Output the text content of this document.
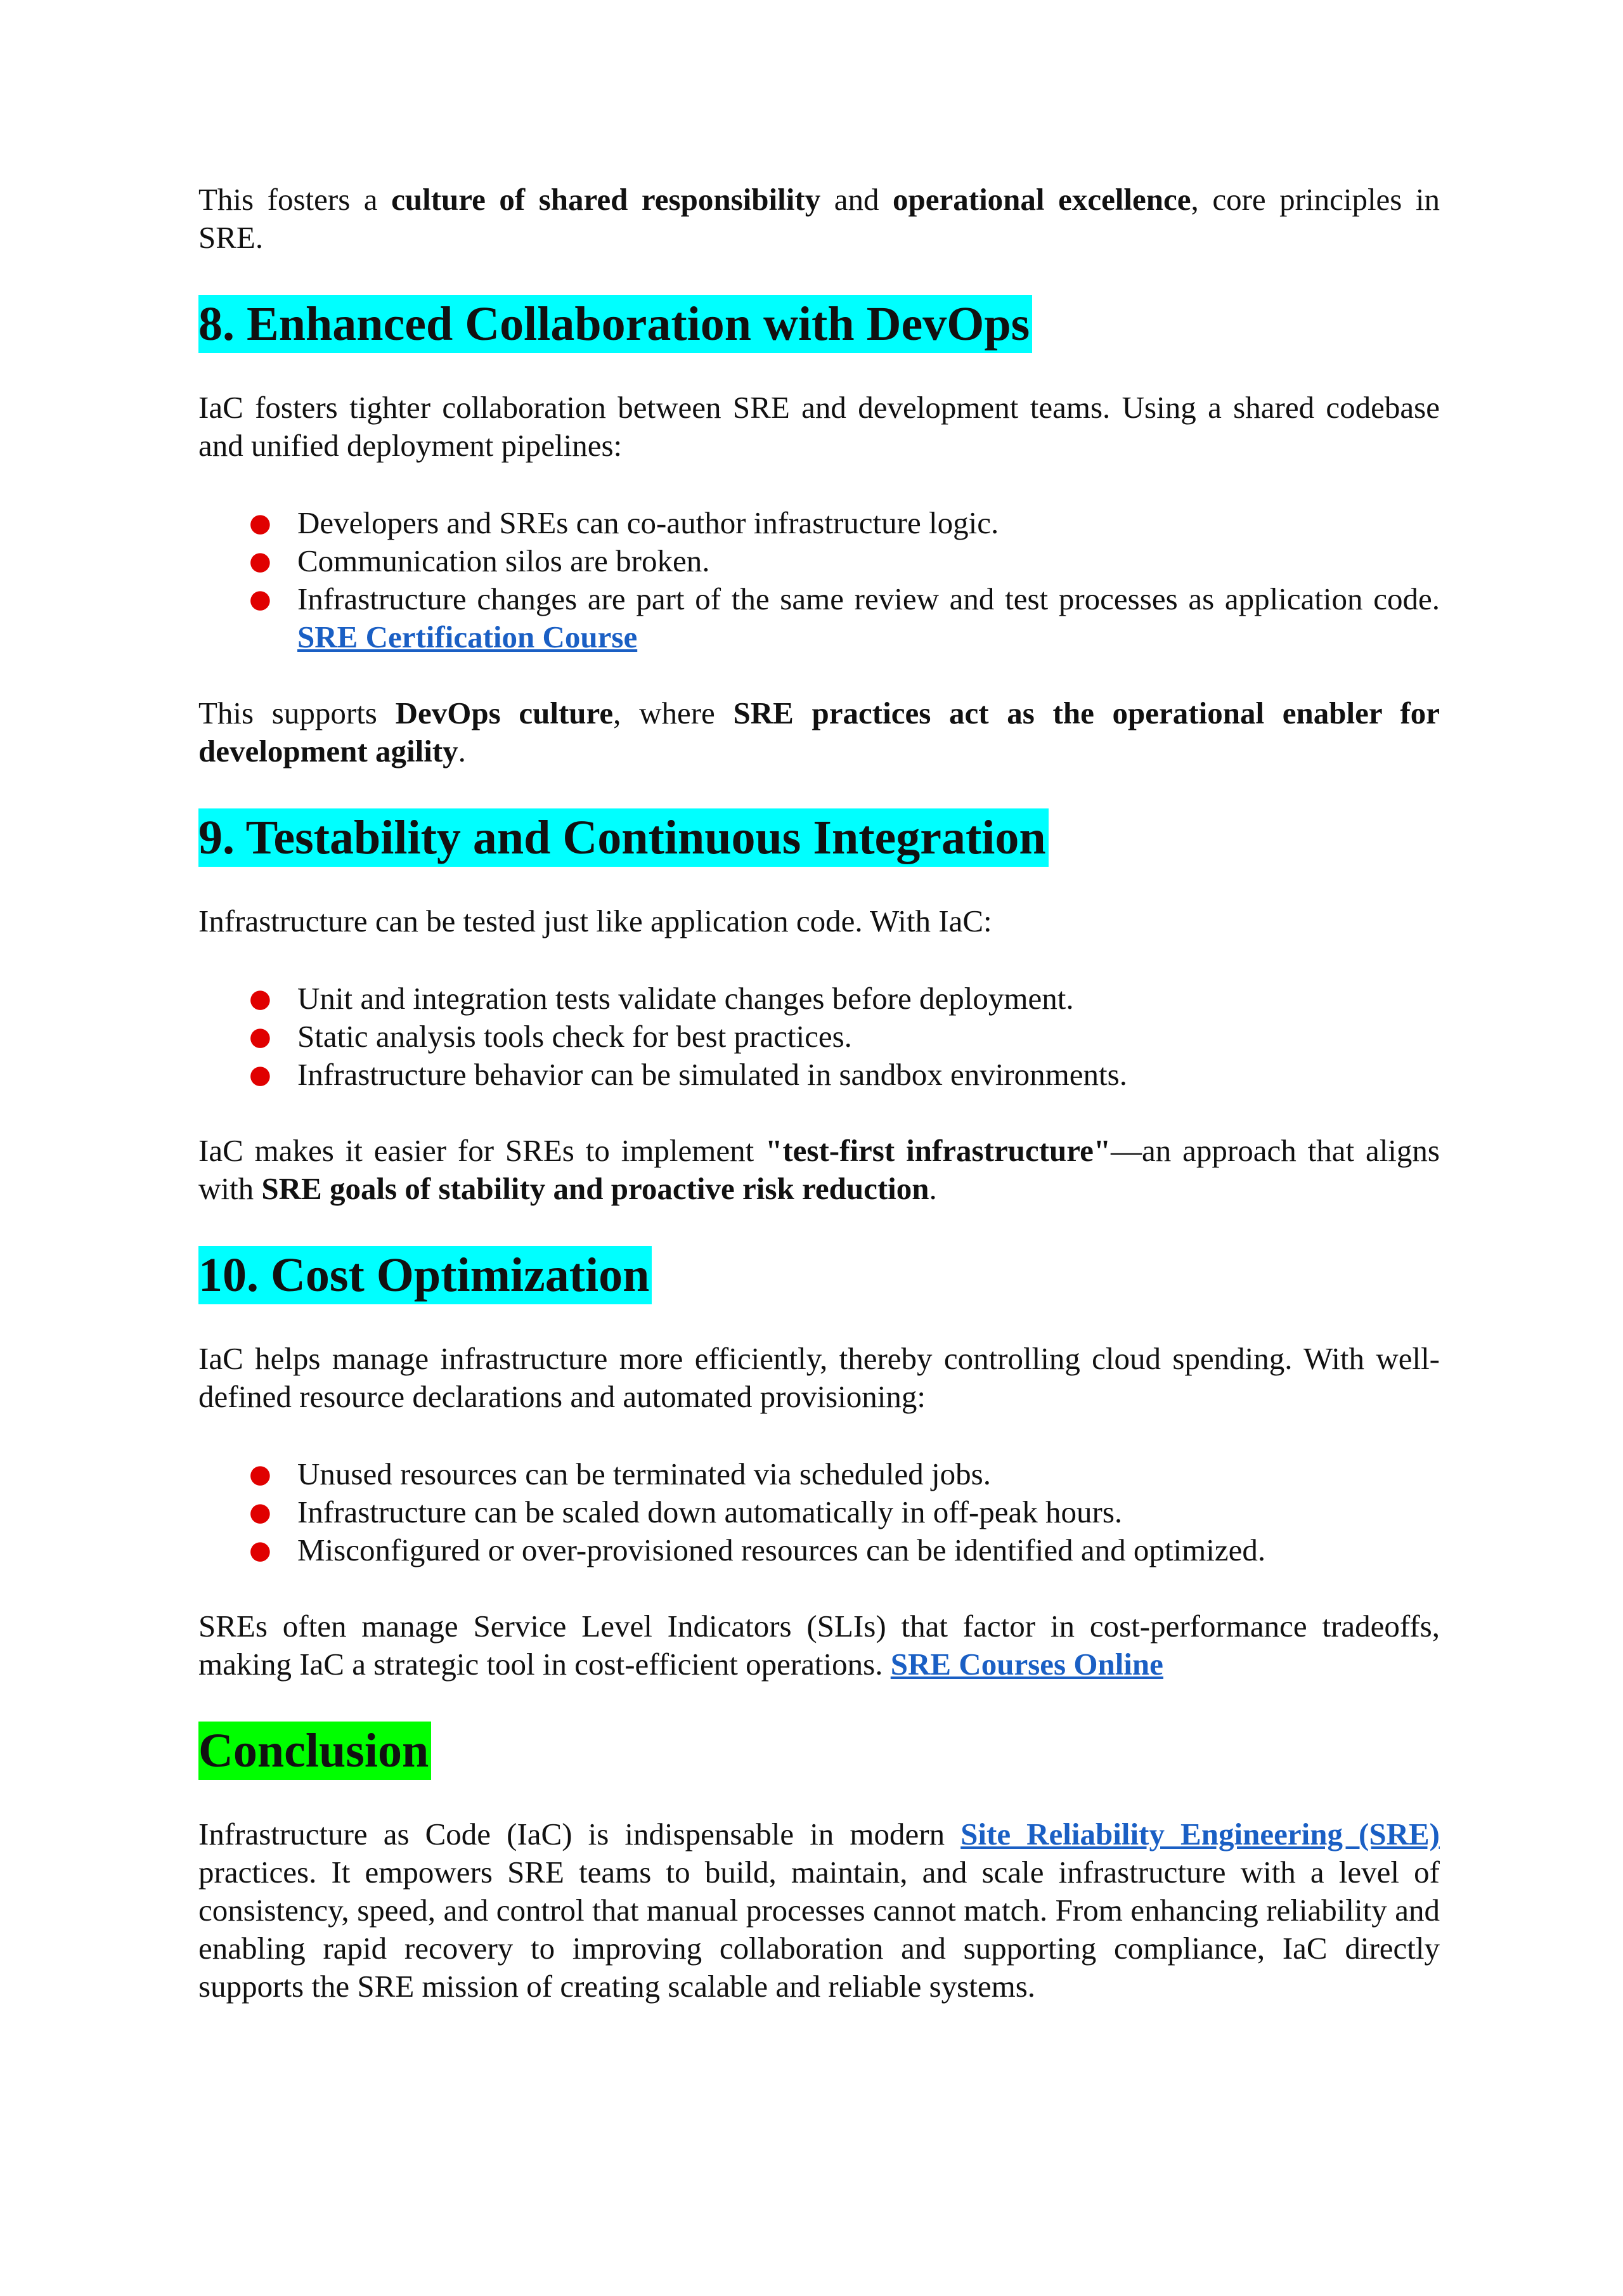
This fosters a culture of shared responsibility and operational excellence, core principles in SRE.

8. Enhanced Collaboration with DevOps

IaC fosters tighter collaboration between SRE and development teams. Using a shared codebase and unified deployment pipelines:

● Developers and SREs can co-author infrastructure logic.
● Communication silos are broken.
● Infrastructure changes are part of the same review and test processes as application code. SRE Certification Course

This supports DevOps culture, where SRE practices act as the operational enabler for development agility.

9. Testability and Continuous Integration

Infrastructure can be tested just like application code. With IaC:

● Unit and integration tests validate changes before deployment.
● Static analysis tools check for best practices.
● Infrastructure behavior can be simulated in sandbox environments.

IaC makes it easier for SREs to implement "test-first infrastructure"—an approach that aligns with SRE goals of stability and proactive risk reduction.

10. Cost Optimization

IaC helps manage infrastructure more efficiently, thereby controlling cloud spending. With well-defined resource declarations and automated provisioning:

● Unused resources can be terminated via scheduled jobs.
● Infrastructure can be scaled down automatically in off-peak hours.
● Misconfigured or over-provisioned resources can be identified and optimized.

SREs often manage Service Level Indicators (SLIs) that factor in cost-performance tradeoffs, making IaC a strategic tool in cost-efficient operations. SRE Courses Online

Conclusion

Infrastructure as Code (IaC) is indispensable in modern Site Reliability Engineering (SRE) practices. It empowers SRE teams to build, maintain, and scale infrastructure with a level of consistency, speed, and control that manual processes cannot match. From enhancing reliability and enabling rapid recovery to improving collaboration and supporting compliance, IaC directly supports the SRE mission of creating scalable and reliable systems.
